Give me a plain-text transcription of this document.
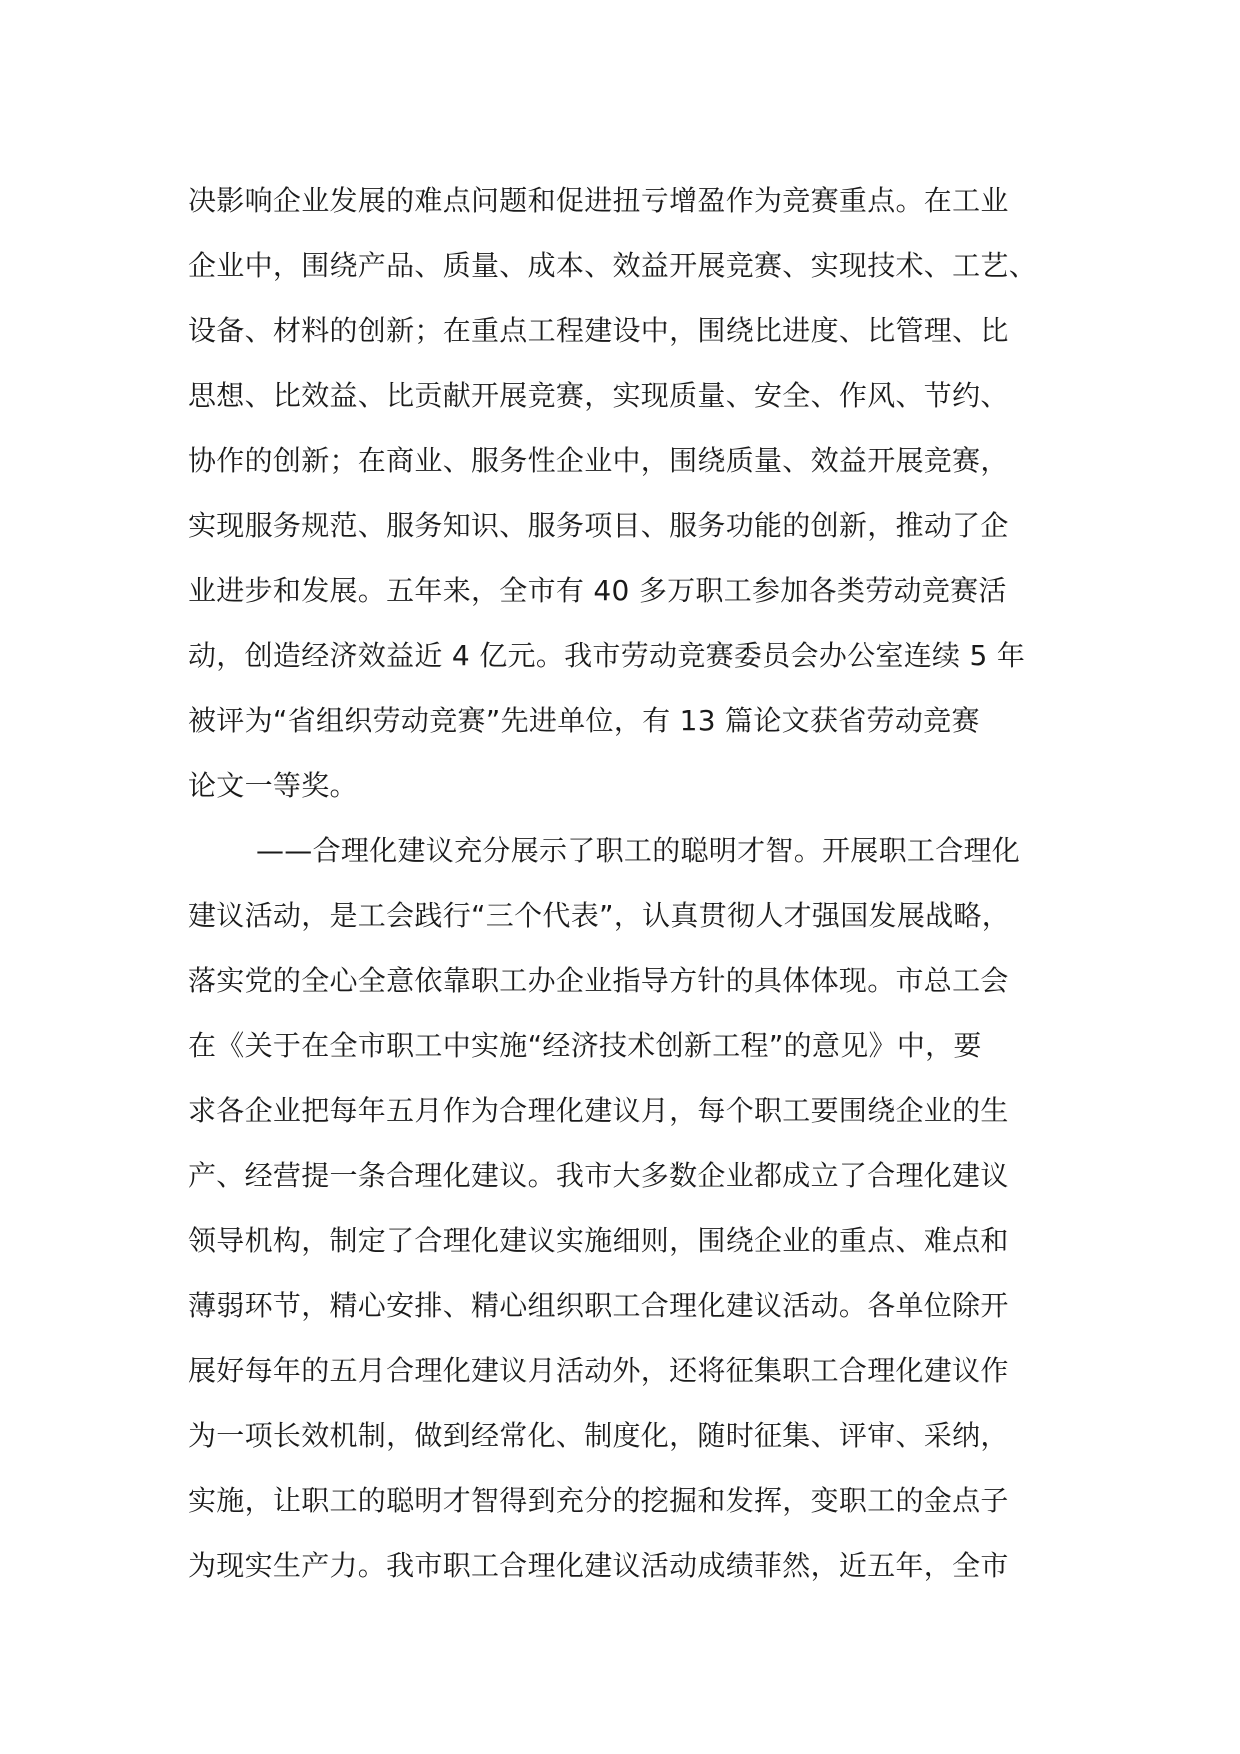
决影响企业发展的难点问题和促进扭亏增盈作为竞赛重点。在工业
企业中，围绕产品、质量、成本、效益开展竞赛、实现技术、工艺、
设备、材料的创新；在重点工程建设中，围绕比进度、比管理、比
思想、比效益、比贡献开展竞赛，实现质量、安全、作风、节约、
协作的创新；在商业、服务性企业中，围绕质量、效益开展竞赛，
实现服务规范、服务知识、服务项目、服务功能的创新，推动了企
业进步和发展。五年来，全市有 40 多万职工参加各类劳动竞赛活
动，创造经济效益近 4 亿元。我市劳动竞赛委员会办公室连续 5 年
被评为“省组织劳动竞赛”先进单位，有 13 篇论文获省劳动竞赛
论文一等奖。
——合理化建议充分展示了职工的聪明才智。开展职工合理化
建议活动，是工会践行“三个代表”，认真贯彻人才强国发展战略，
落实党的全心全意依靠职工办企业指导方针的具体体现。市总工会
在《关于在全市职工中实施“经济技术创新工程”的意见》中，要
求各企业把每年五月作为合理化建议月，每个职工要围绕企业的生
产、经营提一条合理化建议。我市大多数企业都成立了合理化建议
领导机构，制定了合理化建议实施细则，围绕企业的重点、难点和
薄弱环节，精心安排、精心组织职工合理化建议活动。各单位除开
展好每年的五月合理化建议月活动外，还将征集职工合理化建议作
为一项长效机制，做到经常化、制度化，随时征集、评审、采纳，
实施，让职工的聪明才智得到充分的挖掘和发挥，变职工的金点子
为现实生产力。我市职工合理化建议活动成绩菲然，近五年，全市
